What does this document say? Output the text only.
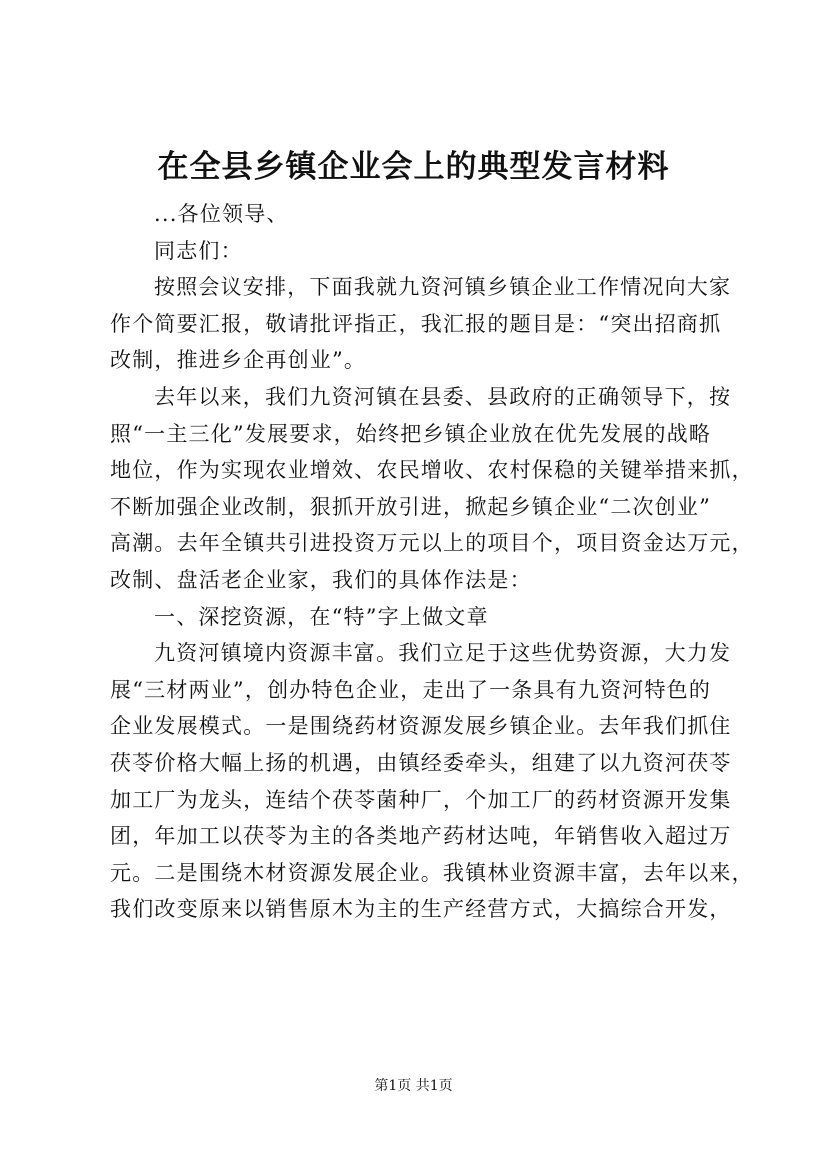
在全县乡镇企业会上的典型发言材料
...各位领导、
同志们：
按照会议安排，下面我就九资河镇乡镇企业工作情况向大家
作个简要汇报，敬请批评指正，我汇报的题目是：“突出招商抓
改制，推进乡企再创业”。
去年以来，我们九资河镇在县委、县政府的正确领导下，按
照“一主三化”发展要求，始终把乡镇企业放在优先发展的战略
地位，作为实现农业增效、农民增收、农村保稳的关键举措来抓，
不断加强企业改制，狠抓开放引进，掀起乡镇企业“二次创业”
高潮。去年全镇共引进投资万元以上的项目个，项目资金达万元，
改制、盘活老企业家，我们的具体作法是：
一、深挖资源，在“特”字上做文章
九资河镇境内资源丰富。我们立足于这些优势资源，大力发
展“三材两业”，创办特色企业，走出了一条具有九资河特色的
企业发展模式。一是围绕药材资源发展乡镇企业。去年我们抓住
茯苓价格大幅上扬的机遇，由镇经委牵头，组建了以九资河茯苓
加工厂为龙头，连结个茯苓菌种厂，个加工厂的药材资源开发集
团，年加工以茯苓为主的各类地产药材达吨，年销售收入超过万
元。二是围绕木材资源发展企业。我镇林业资源丰富，去年以来，
我们改变原来以销售原木为主的生产经营方式，大搞综合开发，
第1页 共1页
